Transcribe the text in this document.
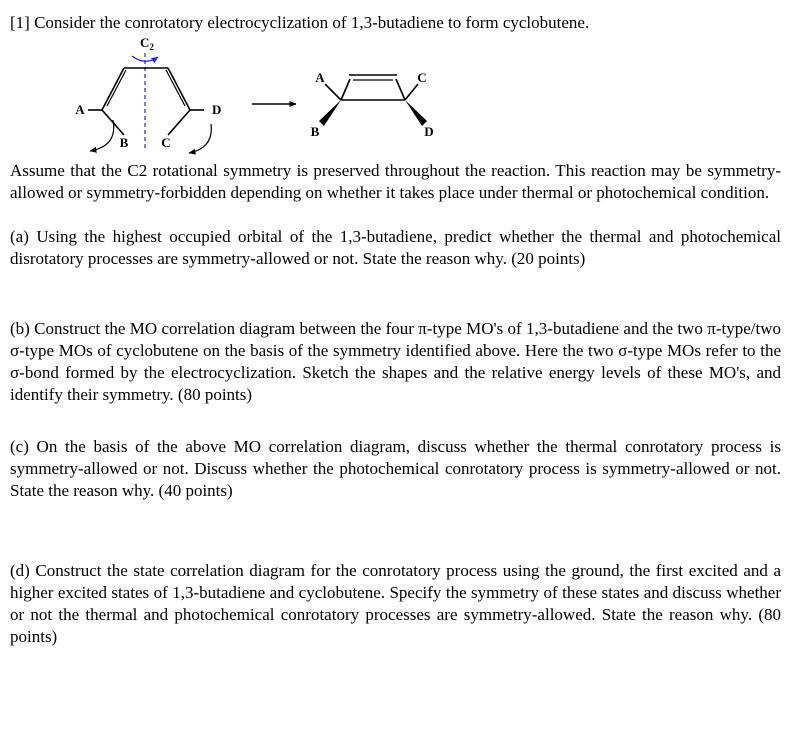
[1] Consider the conrotatory electrocyclization of 1,3-butadiene to form cyclobutene.

$C_2$
A	D
B	C
A	C
B	D

Assume that the C2 rotational symmetry is preserved throughout the reaction. This reaction may be symmetry-allowed or symmetry-forbidden depending on whether it takes place under thermal or photochemical condition.

(a) Using the highest occupied orbital of the 1,3-butadiene, predict whether the thermal and photochemical disrotatory processes are symmetry-allowed or not. State the reason why. (20 points)

(b) Construct the MO correlation diagram between the four π-type MO's of 1,3-butadiene and the two π-type/two σ-type MOs of cyclobutene on the basis of the symmetry identified above. Here the two σ-type MOs refer to the σ-bond formed by the electrocyclization. Sketch the shapes and the relative energy levels of these MO's, and identify their symmetry. (80 points)

(c) On the basis of the above MO correlation diagram, discuss whether the thermal conrotatory process is symmetry-allowed or not. Discuss whether the photochemical conrotatory process is symmetry-allowed or not. State the reason why. (40 points)

(d) Construct the state correlation diagram for the conrotatory process using the ground, the first excited and a higher excited states of 1,3-butadiene and cyclobutene. Specify the symmetry of these states and discuss whether or not the thermal and photochemical conrotatory processes are symmetry-allowed. State the reason why. (80 points)
